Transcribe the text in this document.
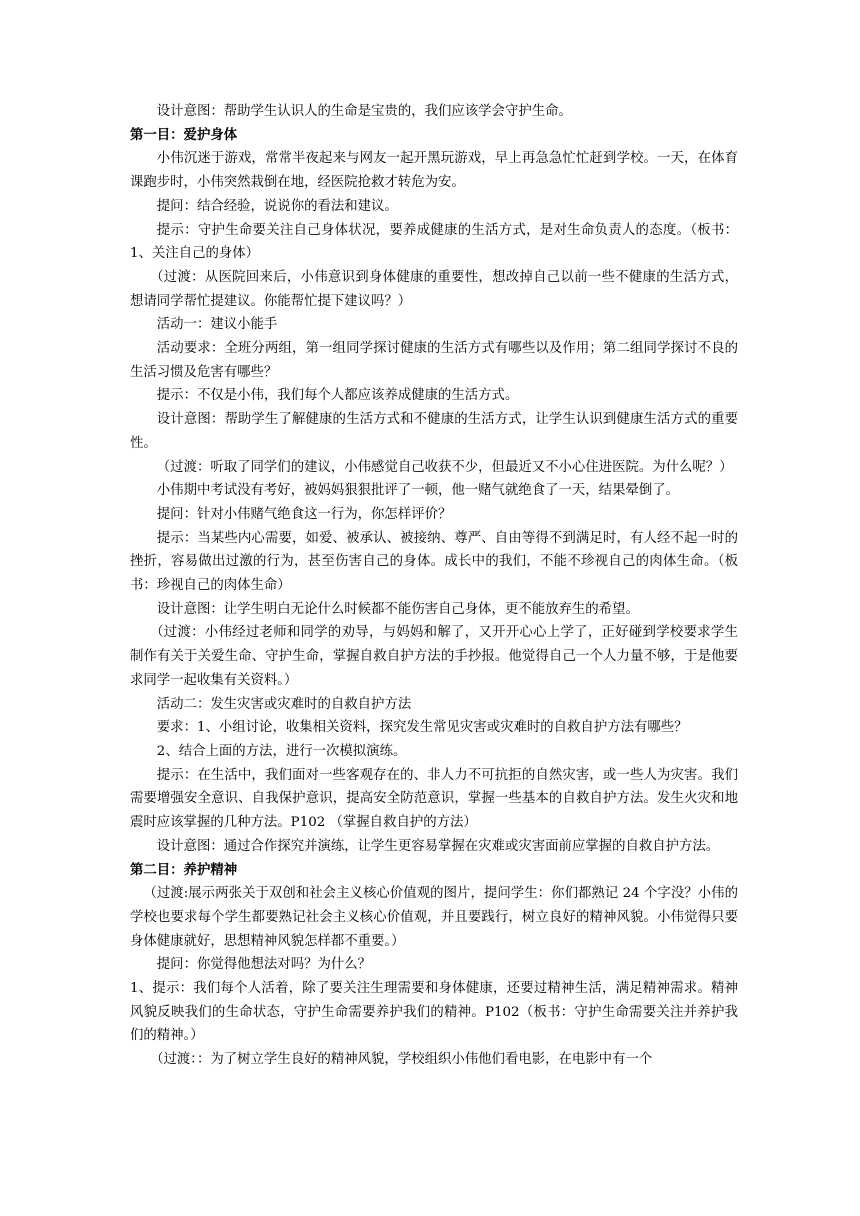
设计意图：帮助学生认识人的生命是宝贵的，我们应该学会守护生命。

第一目：爱护身体

小伟沉迷于游戏，常常半夜起来与网友一起开黑玩游戏，早上再急急忙忙赶到学校。一天，在体育课跑步时，小伟突然栽倒在地，经医院抢救才转危为安。

提问：结合经验，说说你的看法和建议。

提示：守护生命要关注自己身体状况，要养成健康的生活方式，是对生命负责人的态度。（板书：1、关注自己的身体）

（过渡：从医院回来后，小伟意识到身体健康的重要性，想改掉自己以前一些不健康的生活方式，想请同学帮忙提建议。你能帮忙提下建议吗？）

活动一：建议小能手

活动要求：全班分两组，第一组同学探讨健康的生活方式有哪些以及作用；第二组同学探讨不良的生活习惯及危害有哪些？

提示：不仅是小伟，我们每个人都应该养成健康的生活方式。

设计意图：帮助学生了解健康的生活方式和不健康的生活方式，让学生认识到健康生活方式的重要性。

（过渡：听取了同学们的建议，小伟感觉自己收获不少，但最近又不小心住进医院。为什么呢？）

小伟期中考试没有考好，被妈妈狠狠批评了一顿，他一赌气就绝食了一天，结果晕倒了。

提问：针对小伟赌气绝食这一行为，你怎样评价？

提示：当某些内心需要，如爱、被承认、被接纳、尊严、自由等得不到满足时，有人经不起一时的挫折，容易做出过激的行为，甚至伤害自己的身体。成长中的我们，不能不珍视自己的肉体生命。（板书：珍视自己的肉体生命）

设计意图：让学生明白无论什么时候都不能伤害自己身体，更不能放弃生的希望。

（过渡：小伟经过老师和同学的劝导，与妈妈和解了，又开开心心上学了，正好碰到学校要求学生制作有关于关爱生命、守护生命，掌握自救自护方法的手抄报。他觉得自己一个人力量不够，于是他要求同学一起收集有关资料。）

活动二：发生灾害或灾难时的自救自护方法

要求：1、小组讨论，收集相关资料，探究发生常见灾害或灾难时的自救自护方法有哪些？

2、结合上面的方法，进行一次模拟演练。

提示：在生活中，我们面对一些客观存在的、非人力不可抗拒的自然灾害，或一些人为灾害。我们需要增强安全意识、自我保护意识，提高安全防范意识，掌握一些基本的自救自护方法。发生火灾和地震时应该掌握的几种方法。P102 （掌握自救自护的方法）

设计意图：通过合作探究并演练，让学生更容易掌握在灾难或灾害面前应掌握的自救自护方法。

第二目：养护精神

（过渡:展示两张关于双创和社会主义核心价值观的图片，提问学生：你们都熟记 24 个字没？小伟的学校也要求每个学生都要熟记社会主义核心价值观，并且要践行，树立良好的精神风貌。小伟觉得只要身体健康就好，思想精神风貌怎样都不重要。）

提问：你觉得他想法对吗？为什么？

1、提示：我们每个人活着，除了要关注生理需要和身体健康，还要过精神生活，满足精神需求。精神风貌反映我们的生命状态，守护生命需要养护我们的精神。P102（板书：守护生命需要关注并养护我们的精神。）

（过渡：：为了树立学生良好的精神风貌，学校组织小伟他们看电影，在电影中有一个
